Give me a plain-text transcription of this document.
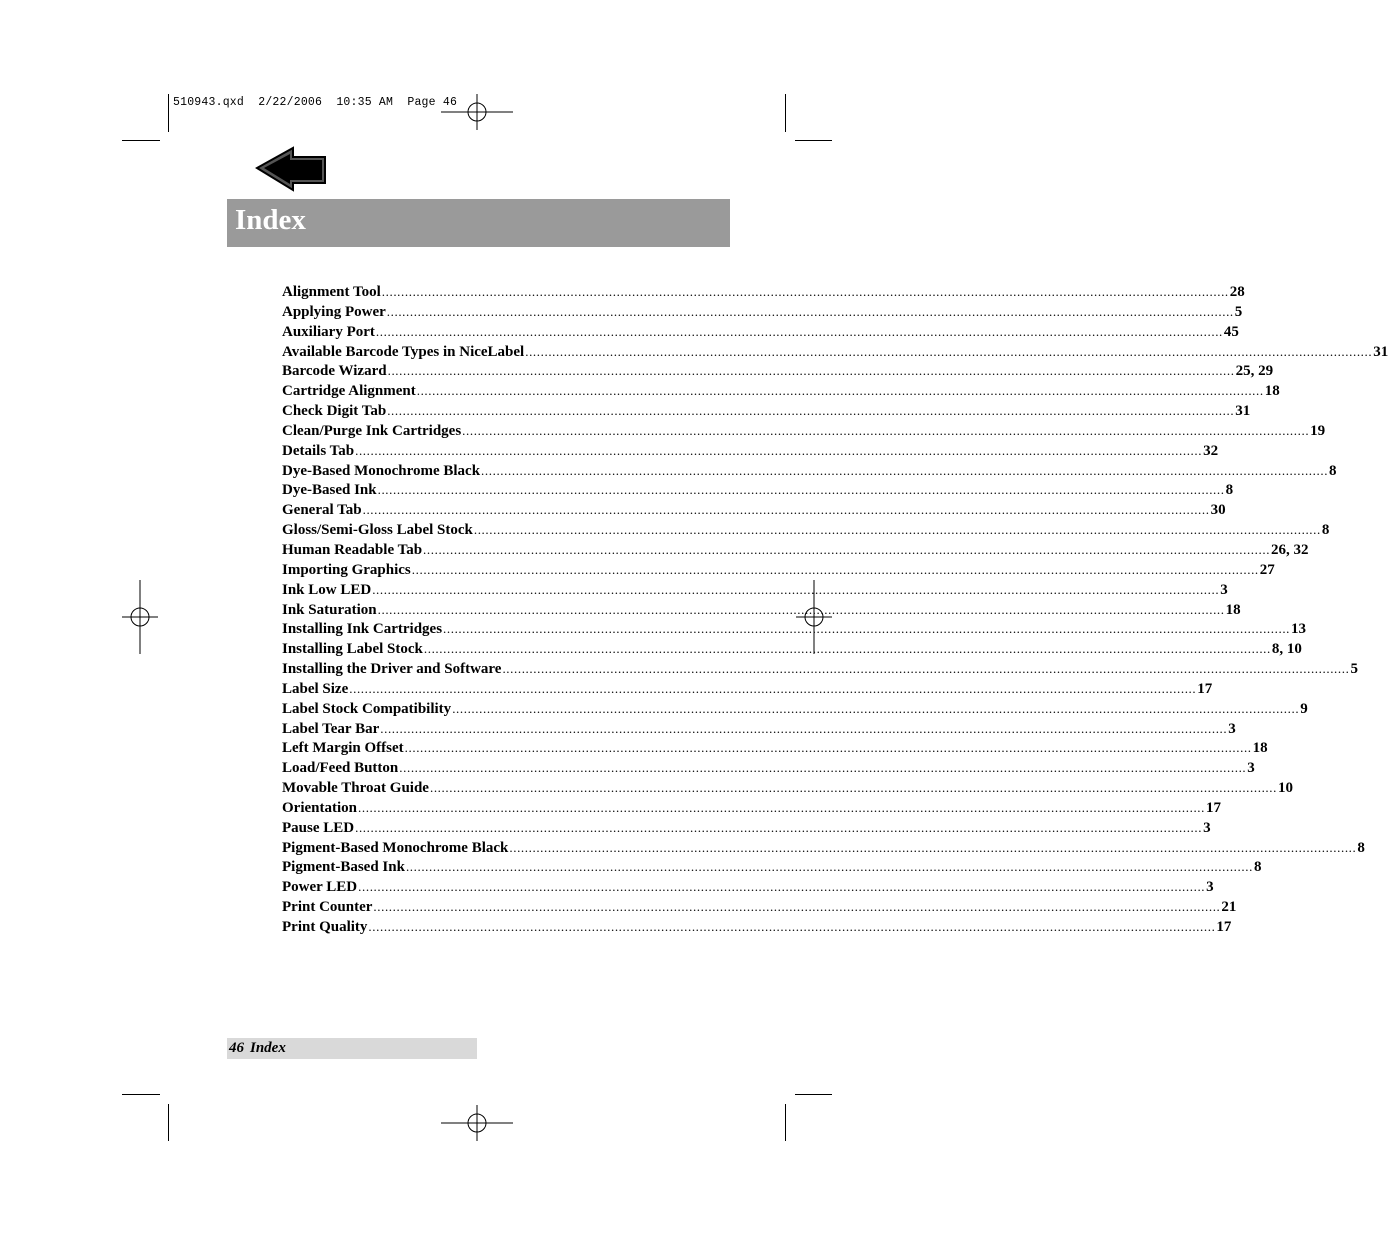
510943.qxd  2/22/2006  10:35 AM  Page 46
Index
Alignment Tool ............................................................................................................................................................................................................................ 28
Applying Power ............................................................................................................................................................................................................................ 5
Auxiliary Port ............................................................................................................................................................................................................................ 45
Available Barcode Types in NiceLabel ............................................................................................................................................................................................................................ 31
Barcode Wizard ............................................................................................................................................................................................................................ 25, 29
Cartridge Alignment ............................................................................................................................................................................................................................ 18
Check Digit Tab ............................................................................................................................................................................................................................ 31
Clean/Purge Ink Cartridges ............................................................................................................................................................................................................................ 19
Details Tab ............................................................................................................................................................................................................................ 32
Dye-Based Monochrome Black ............................................................................................................................................................................................................................ 8
Dye-Based Ink ............................................................................................................................................................................................................................ 8
General Tab ............................................................................................................................................................................................................................ 30
Gloss/Semi-Gloss Label Stock ............................................................................................................................................................................................................................ 8
Human Readable Tab ............................................................................................................................................................................................................................ 26, 32
Importing Graphics ............................................................................................................................................................................................................................ 27
Ink Low LED ............................................................................................................................................................................................................................ 3
Ink Saturation ............................................................................................................................................................................................................................ 18
Installing Ink Cartridges ............................................................................................................................................................................................................................ 13
Installing Label Stock ............................................................................................................................................................................................................................ 8, 10
Installing the Driver and Software ............................................................................................................................................................................................................................ 5
Label Size ............................................................................................................................................................................................................................ 17
Label Stock Compatibility ............................................................................................................................................................................................................................ 9
Label Tear Bar ............................................................................................................................................................................................................................ 3
Left Margin Offset ............................................................................................................................................................................................................................ 18
Load/Feed Button ............................................................................................................................................................................................................................ 3
Movable Throat Guide ............................................................................................................................................................................................................................ 10
Orientation ............................................................................................................................................................................................................................ 17
Pause LED ............................................................................................................................................................................................................................ 3
Pigment-Based Monochrome Black ............................................................................................................................................................................................................................ 8
Pigment-Based Ink ............................................................................................................................................................................................................................ 8
Power LED ............................................................................................................................................................................................................................ 3
Print Counter ............................................................................................................................................................................................................................ 21
Print Quality ............................................................................................................................................................................................................................ 17
46 Index
